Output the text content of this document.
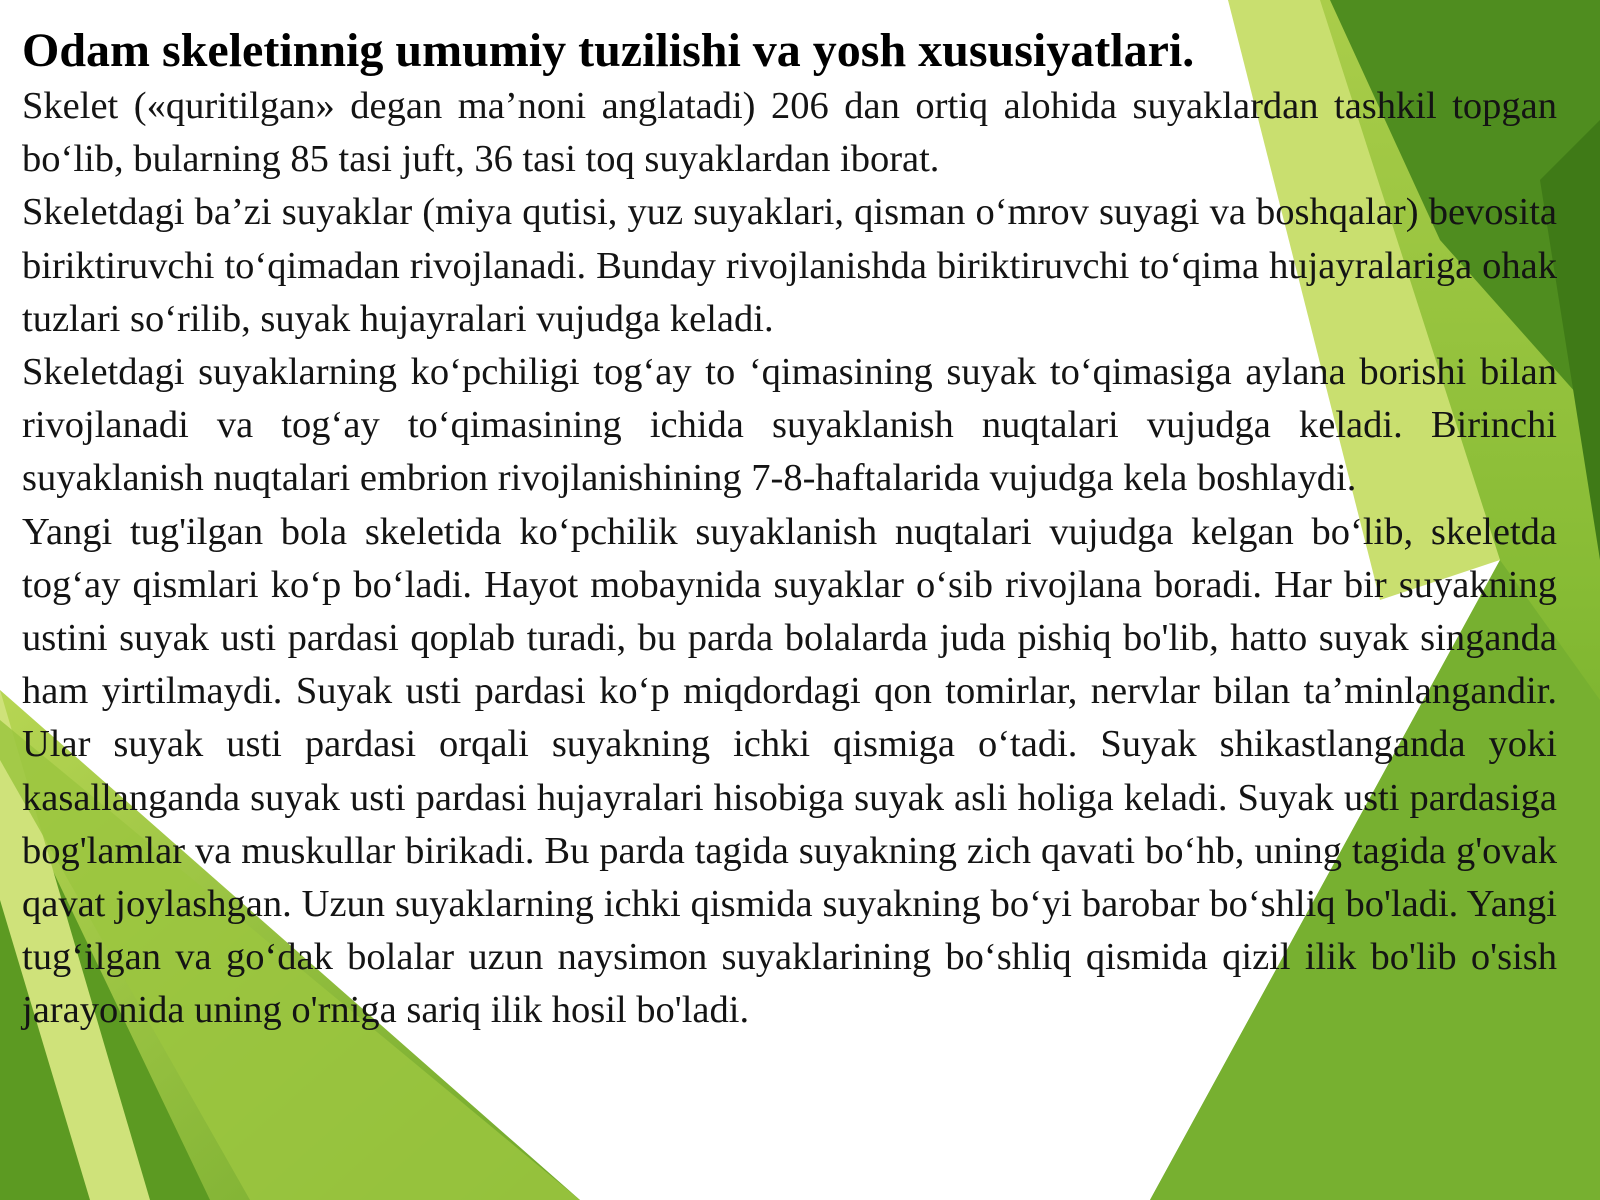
Odam skeletinnig umumiy tuzilishi va yosh xususiyatlari.

Skelet («quritilgan» degan ma’noni anglatadi) 206 dan ortiq alohida suyaklardan tashkil topgan bo‘lib, bularning 85 tasi juft, 36 tasi toq suyaklardan iborat.

Skeletdagi ba’zi suyaklar (miya qutisi, yuz suyaklari, qisman o‘mrov suyagi va boshqalar) bevosita biriktiruvchi to‘qimadan rivojlanadi. Bunday rivojlanishda biriktiruvchi to‘qima hujayralariga ohak tuzlari so‘rilib, suyak hujayralari vujudga keladi.

Skeletdagi suyaklarning ko‘pchiligi tog‘ay to ‘qimasining suyak to‘qimasiga aylana borishi bilan rivojlanadi va tog‘ay to‘qimasining ichida suyaklanish nuqtalari vujudga keladi. Birinchi suyaklanish nuqtalari embrion rivojlanishining 7-8-haftalarida vujudga kela boshlaydi.

Yangi tug'ilgan bola skeletida ko‘pchilik suyaklanish nuqtalari vujudga kelgan bo‘lib, skeletda tog‘ay qismlari ko‘p bo‘ladi. Hayot mobaynida suyaklar o‘sib rivojlana boradi. Har bir suyakning ustini suyak usti pardasi qoplab turadi, bu parda bolalarda juda pishiq bo'lib, hatto suyak singanda ham yirtilmaydi. Suyak usti pardasi ko‘p miqdordagi qon tomirlar, nervlar bilan ta’minlangandir. Ular suyak usti pardasi orqali suyakning ichki qismiga o‘tadi. Suyak shikastlanganda yoki kasallanganda suyak usti pardasi hujayralari hisobiga suyak asli holiga keladi. Suyak usti pardasiga bog'lamlar va muskullar birikadi. Bu parda tagida suyakning zich qavati bo‘hb, uning tagida g'ovak qavat joylashgan. Uzun suyaklarning ichki qismida suyakning bo‘yi barobar bo‘shliq bo'ladi. Yangi tug‘ilgan va go‘dak bolalar uzun naysimon suyaklarining bo‘shliq qismida qizil ilik bo'lib o'sish jarayonida uning o'rniga sariq ilik hosil bo'ladi.
